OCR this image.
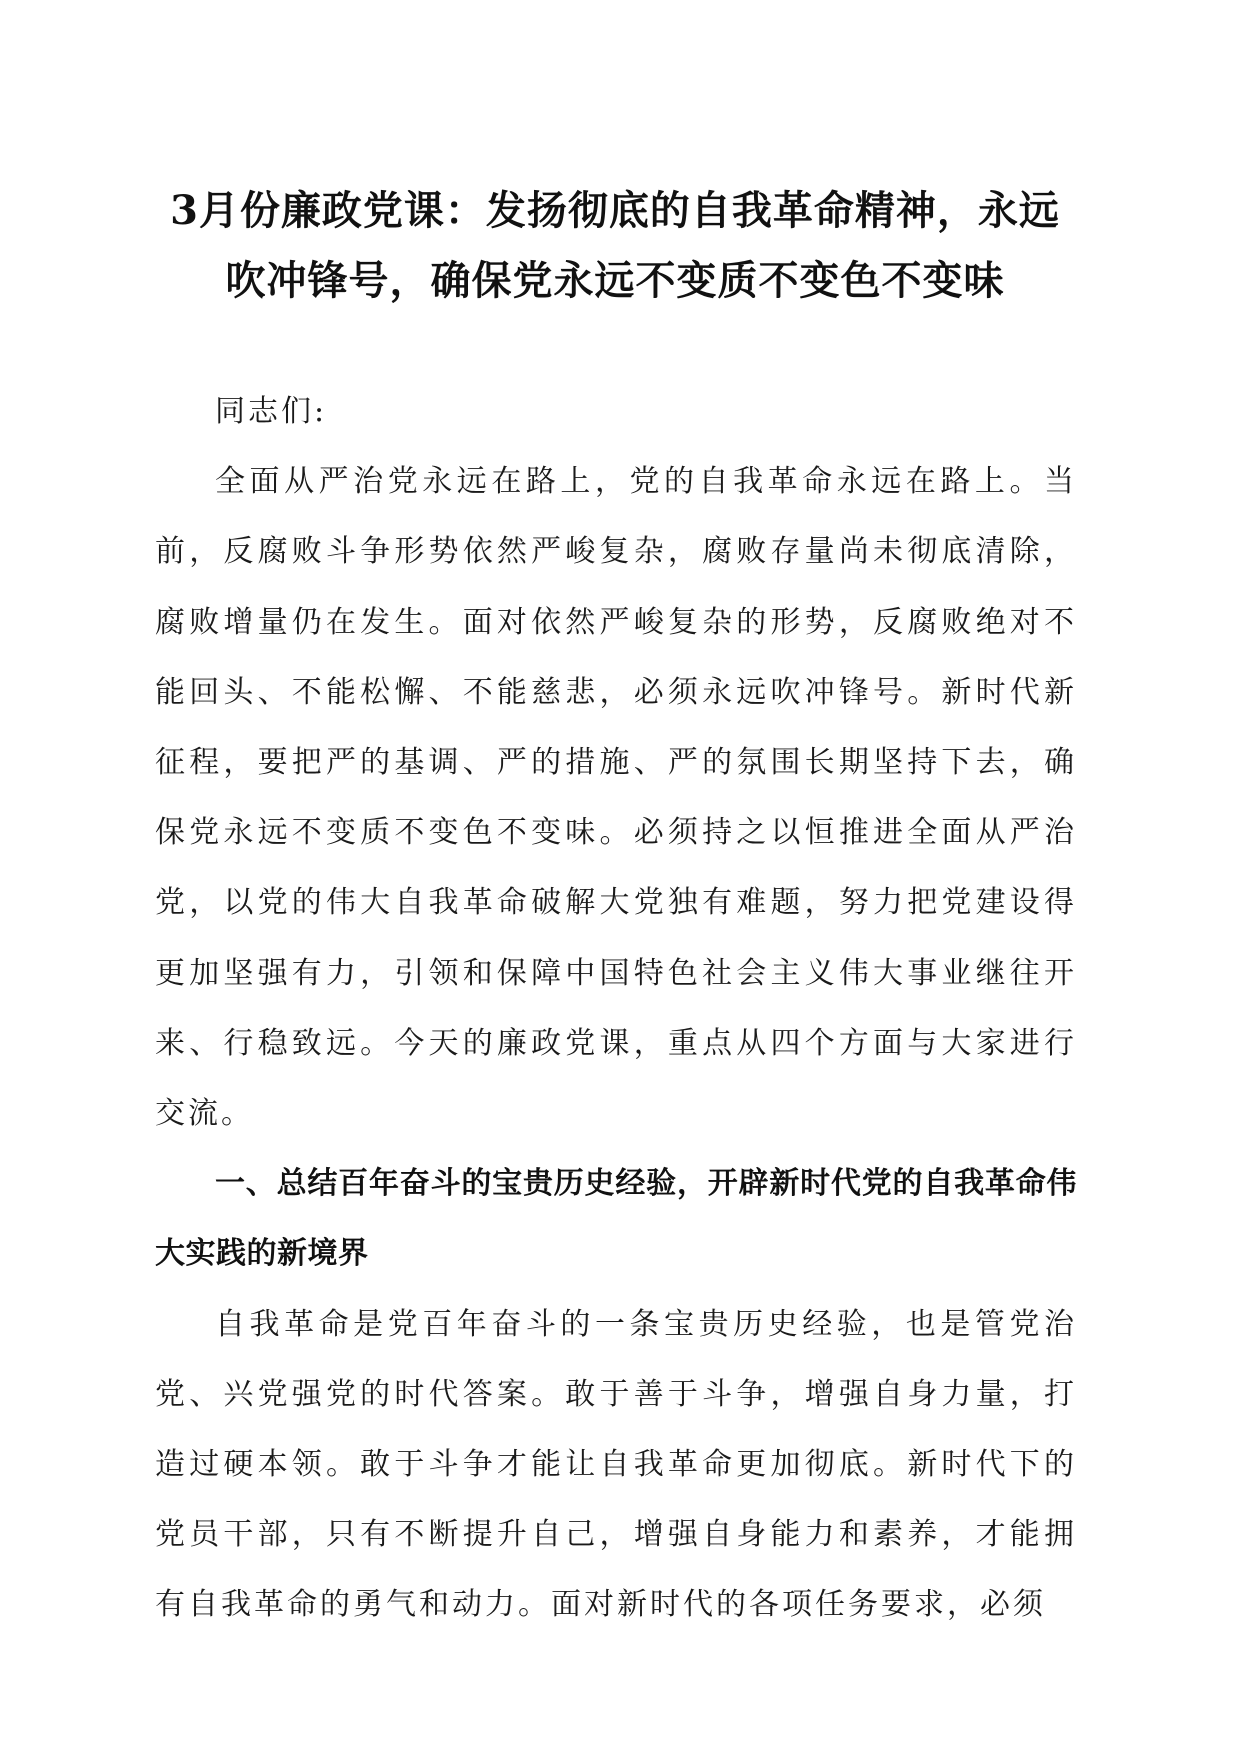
3月份廉政党课：发扬彻底的自我革命精神，永远吹冲锋号，确保党永远不变质不变色不变味

同志们:

全面从严治党永远在路上，党的自我革命永远在路上。当前，反腐败斗争形势依然严峻复杂，腐败存量尚未彻底清除，腐败增量仍在发生。面对依然严峻复杂的形势，反腐败绝对不能回头、不能松懈、不能慈悲，必须永远吹冲锋号。新时代新征程，要把严的基调、严的措施、严的氛围长期坚持下去，确保党永远不变质不变色不变味。必须持之以恒推进全面从严治党，以党的伟大自我革命破解大党独有难题，努力把党建设得更加坚强有力，引领和保障中国特色社会主义伟大事业继往开来、行稳致远。今天的廉政党课，重点从四个方面与大家进行交流。

一、总结百年奋斗的宝贵历史经验，开辟新时代党的自我革命伟大实践的新境界

自我革命是党百年奋斗的一条宝贵历史经验，也是管党治党、兴党强党的时代答案。敢于善于斗争，增强自身力量，打造过硬本领。敢于斗争才能让自我革命更加彻底。新时代下的党员干部，只有不断提升自己，增强自身能力和素养，才能拥有自我革命的勇气和动力。面对新时代的各项任务要求，必须
